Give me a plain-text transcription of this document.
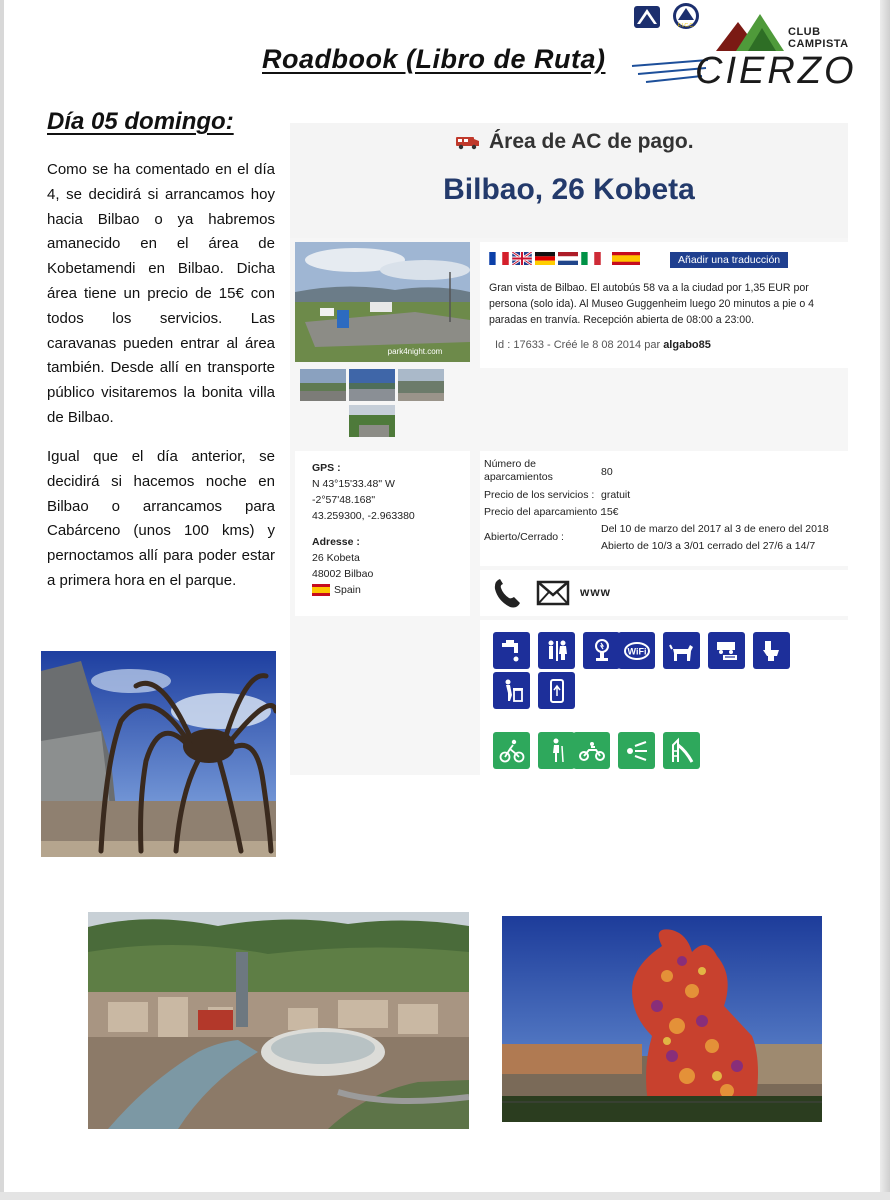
Roadbook (Libro de Ruta)
F.I.C.C.	CLUB
CAMPISTA
CIERZO
Día 05 domingo:

Como se ha comentado en el día 4, se decidirá si arrancamos hoy hacia Bilbao o ya habremos amanecido en el área de Kobetamendi en Bilbao. Dicha área tiene un precio de 15€ con todos los servicios. Las caravanas pueden entrar al área también. Desde allí en transporte público visitaremos la bonita villa de Bilbao.

Igual que el día anterior, se decidirá si hacemos noche en Bilbao o arrancamos para Cabárceno (unos 100 kms) y pernoctamos allí para poder estar a primera hora en el parque.

Área de AC de pago.
Bilbao, 26 Kobeta
park4night.com
Añadir una traducción
Gran vista de Bilbao. El autobús 58 va a la ciudad por 1,35 EUR por persona (solo ida). Al Museo Guggenheim luego 20 minutos a pie o 4 paradas en tranvía. Recepción abierta de 08:00 a 23:00.
Id : 17633 - Créé le 8 08 2014 par algabo85
GPS :
N 43°15'33.48" W
-2°57'48.168"
43.259300, -2.963380
Adresse :
26 Kobeta
48002 Bilbao
Spain
Número de
aparcamientos	80
Precio de los servicios : gratuit
Precio del aparcamiento :
15€
Abierto/Cerrado :
Del 10 de marzo del 2017 al 3 de enero del 2018
Abierto de 10/3 a 3/01 cerrado del 27/6 a 14/7
www
WiFi
